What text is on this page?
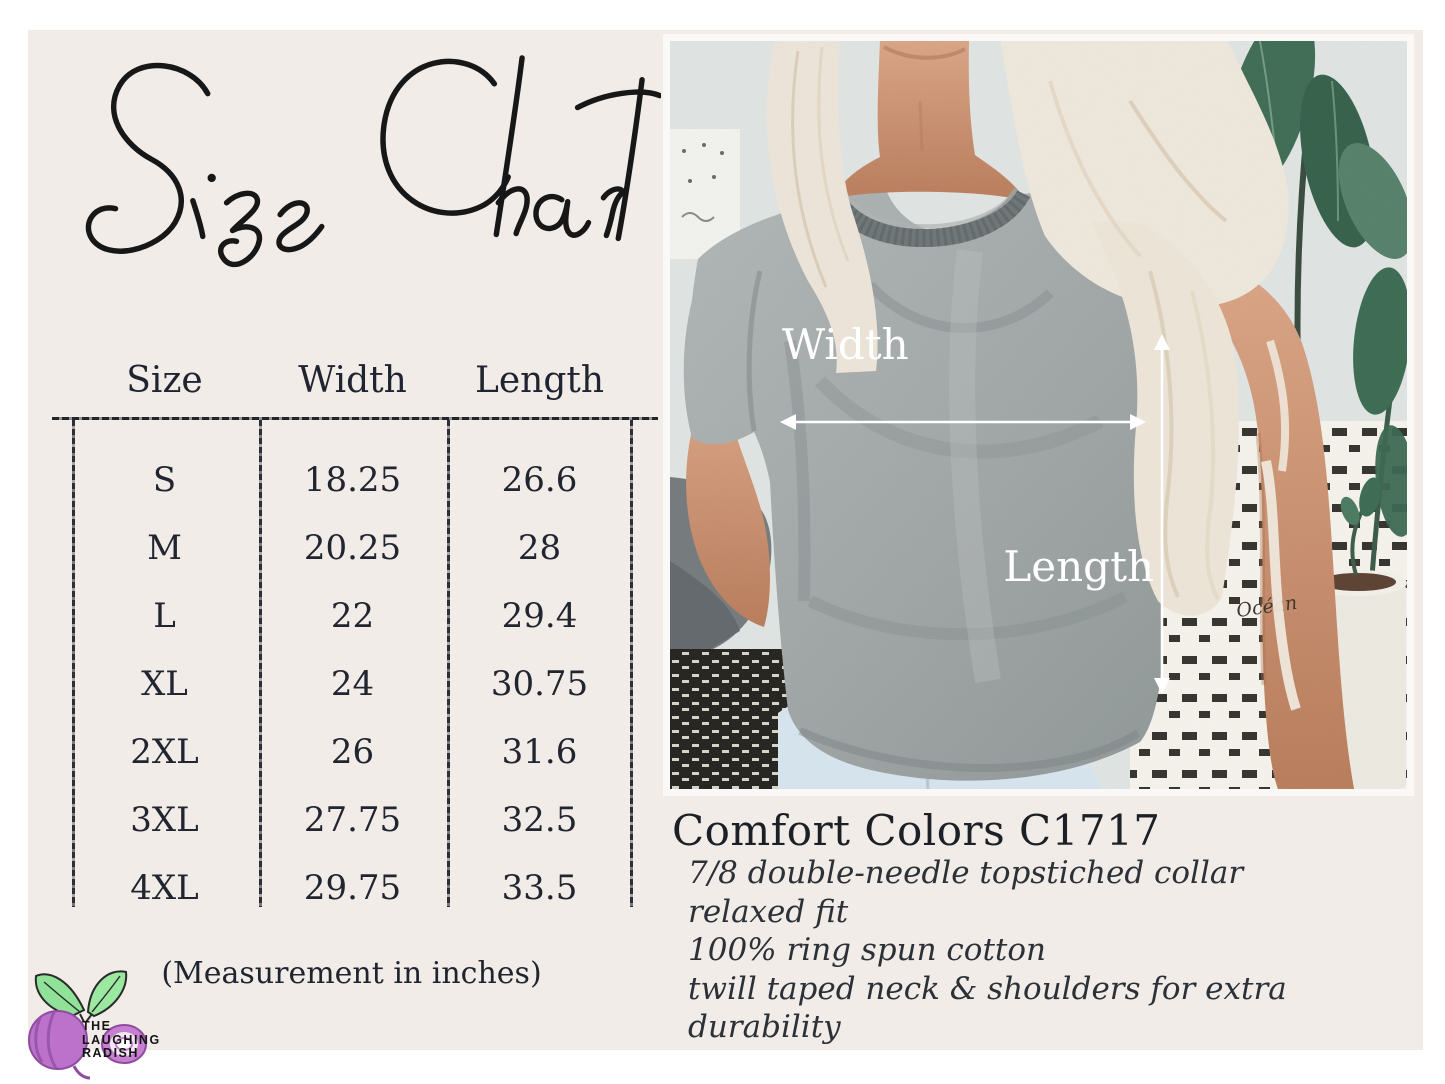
Size	Width	Length
S	18.25	26.6
M	20.25	28
L	22	29.4
XL	24	30.75
2XL	26	31.6
3XL	27.75	32.5
4XL	29.75	33.5
(Measurement in inches)
THE
LAUGHING
RADISH
Océan
Width
Length
Comfort Colors C1717

7/8 double-needle topstiched collar

relaxed fit

100% ring spun cotton

twill taped neck & shoulders for extra durability
